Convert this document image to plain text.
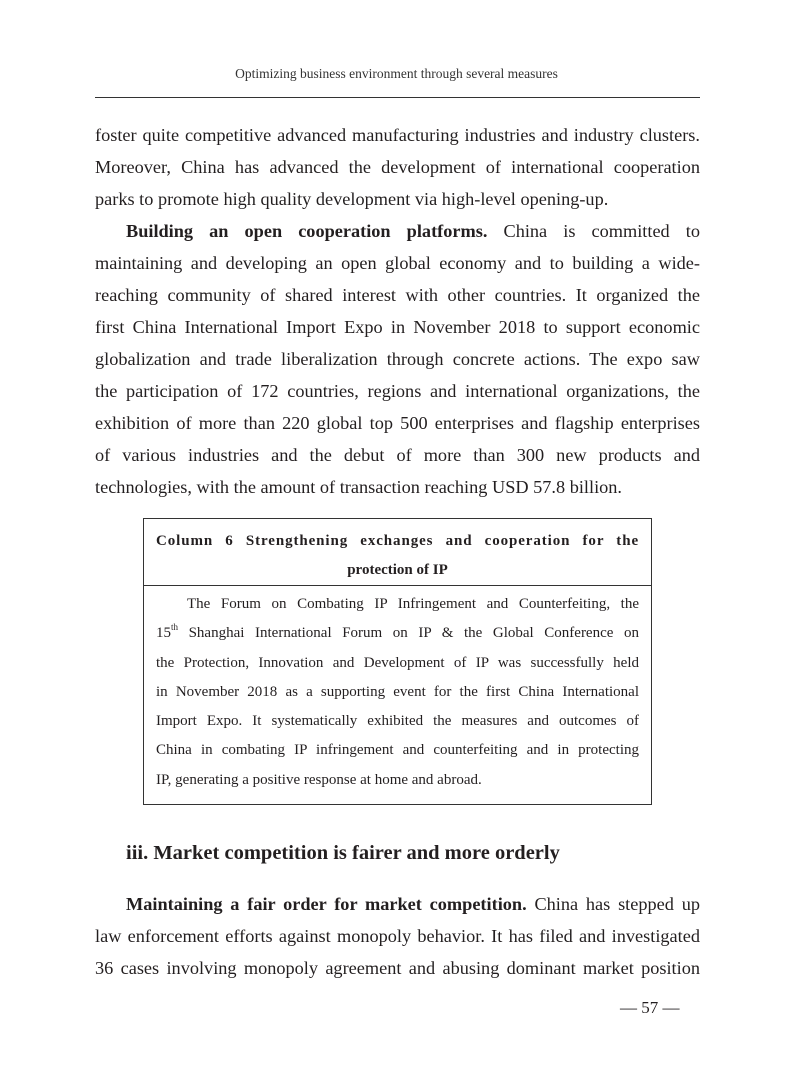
Optimizing business environment through several measures
foster quite competitive advanced manufacturing industries and industry clusters.
Moreover, China has advanced the development of international cooperation
parks to promote high quality development via high-level opening-up.
Building an open cooperation platforms. China is committed to
maintaining and developing an open global economy and to building a wide-
reaching community of shared interest with other countries. It organized the
first China International Import Expo in November 2018 to support economic
globalization and trade liberalization through concrete actions. The expo saw
the participation of 172 countries, regions and international organizations, the
exhibition of more than 220 global top 500 enterprises and flagship enterprises
of various industries and the debut of more than 300 new products and
technologies, with the amount of transaction reaching USD 57.8 billion.
Column 6 Strengthening exchanges and cooperation for the
protection of IP
The Forum on Combating IP Infringement and Counterfeiting, the
15th Shanghai International Forum on IP & the Global Conference on
the Protection, Innovation and Development of IP was successfully held
in November 2018 as a supporting event for the first China International
Import Expo. It systematically exhibited the measures and outcomes of
China in combating IP infringement and counterfeiting and in protecting
IP, generating a positive response at home and abroad.
iii. Market competition is fairer and more orderly
Maintaining a fair order for market competition. China has stepped up
law enforcement efforts against monopoly behavior. It has filed and investigated
36 cases involving monopoly agreement and abusing dominant market position
— 57 —
